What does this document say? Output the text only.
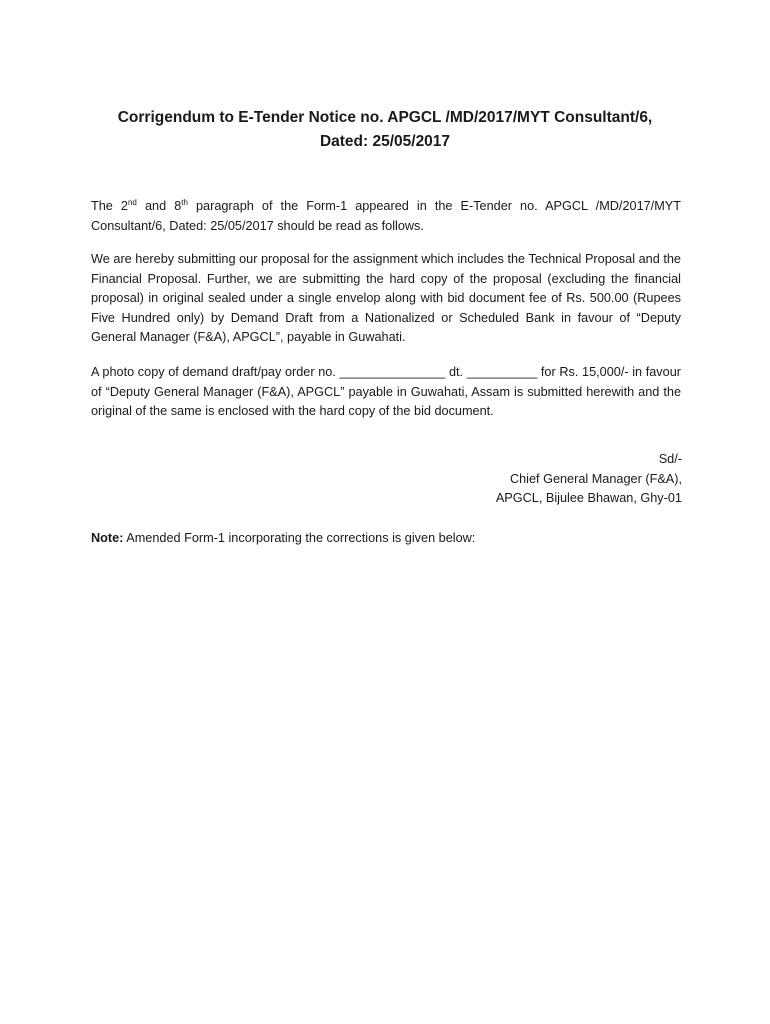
Corrigendum to E-Tender Notice no. APGCL /MD/2017/MYT Consultant/6,
Dated: 25/05/2017
The 2nd and 8th paragraph of the Form-1 appeared in the E-Tender no. APGCL /MD/2017/MYT Consultant/6, Dated: 25/05/2017 should be read as follows.
We are hereby submitting our proposal for the assignment which includes the Technical Proposal and the Financial Proposal. Further, we are submitting the hard copy of the proposal (excluding the financial proposal) in original sealed under a single envelop along with bid document fee of Rs. 500.00 (Rupees Five Hundred only) by Demand Draft from a Nationalized or Scheduled Bank in favour of “Deputy General Manager (F&A), APGCL”, payable in Guwahati.
A photo copy of demand draft/pay order no. _______________ dt. __________ for Rs. 15,000/- in favour of “Deputy General Manager (F&A), APGCL” payable in Guwahati, Assam is submitted herewith and the original of the same is enclosed with the hard copy of the bid document.
Sd/-
Chief General Manager (F&A),
APGCL, Bijulee Bhawan, Ghy-01
Note: Amended Form-1 incorporating the corrections is given below:
